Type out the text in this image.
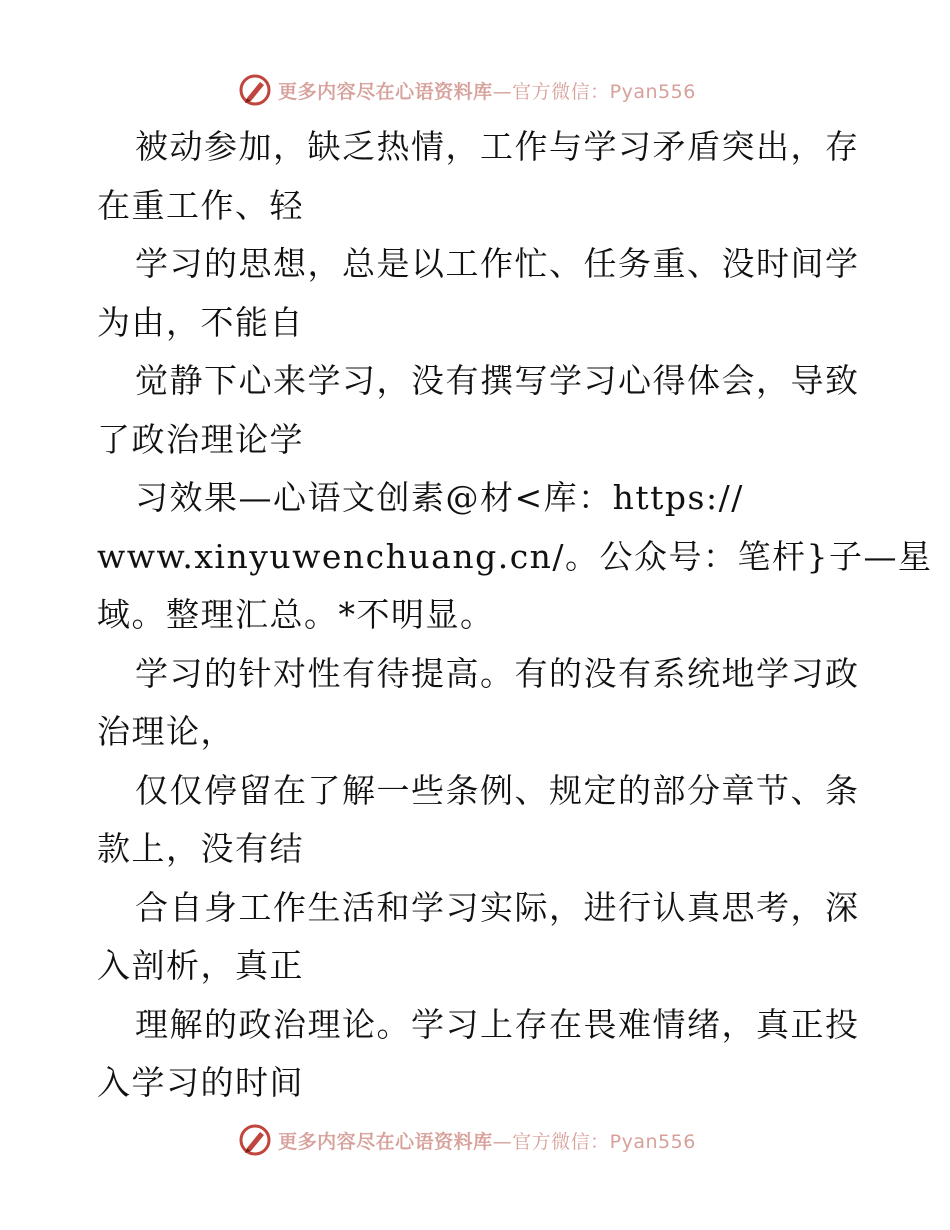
更多内容尽在心语资料库—官方微信：Pyan556
被动参加，缺乏热情，工作与学习矛盾突出，存
在重工作、轻
学习的思想，总是以工作忙、任务重、没时间学
为由，不能自
觉静下心来学习，没有撰写学习心得体会，导致
了政治理论学
习效果—心语文创素@材<库：https://
www.xinyuwenchuang.cn/。公众号：笔杆}子—星
域。整理汇总。*不明显。
学习的针对性有待提高。有的没有系统地学习政
治理论，
仅仅停留在了解一些条例、规定的部分章节、条
款上，没有结
合自身工作生活和学习实际，进行认真思考，深
入剖析，真正
理解的政治理论。学习上存在畏难情绪，真正投
入学习的时间
更多内容尽在心语资料库—官方微信：Pyan556
